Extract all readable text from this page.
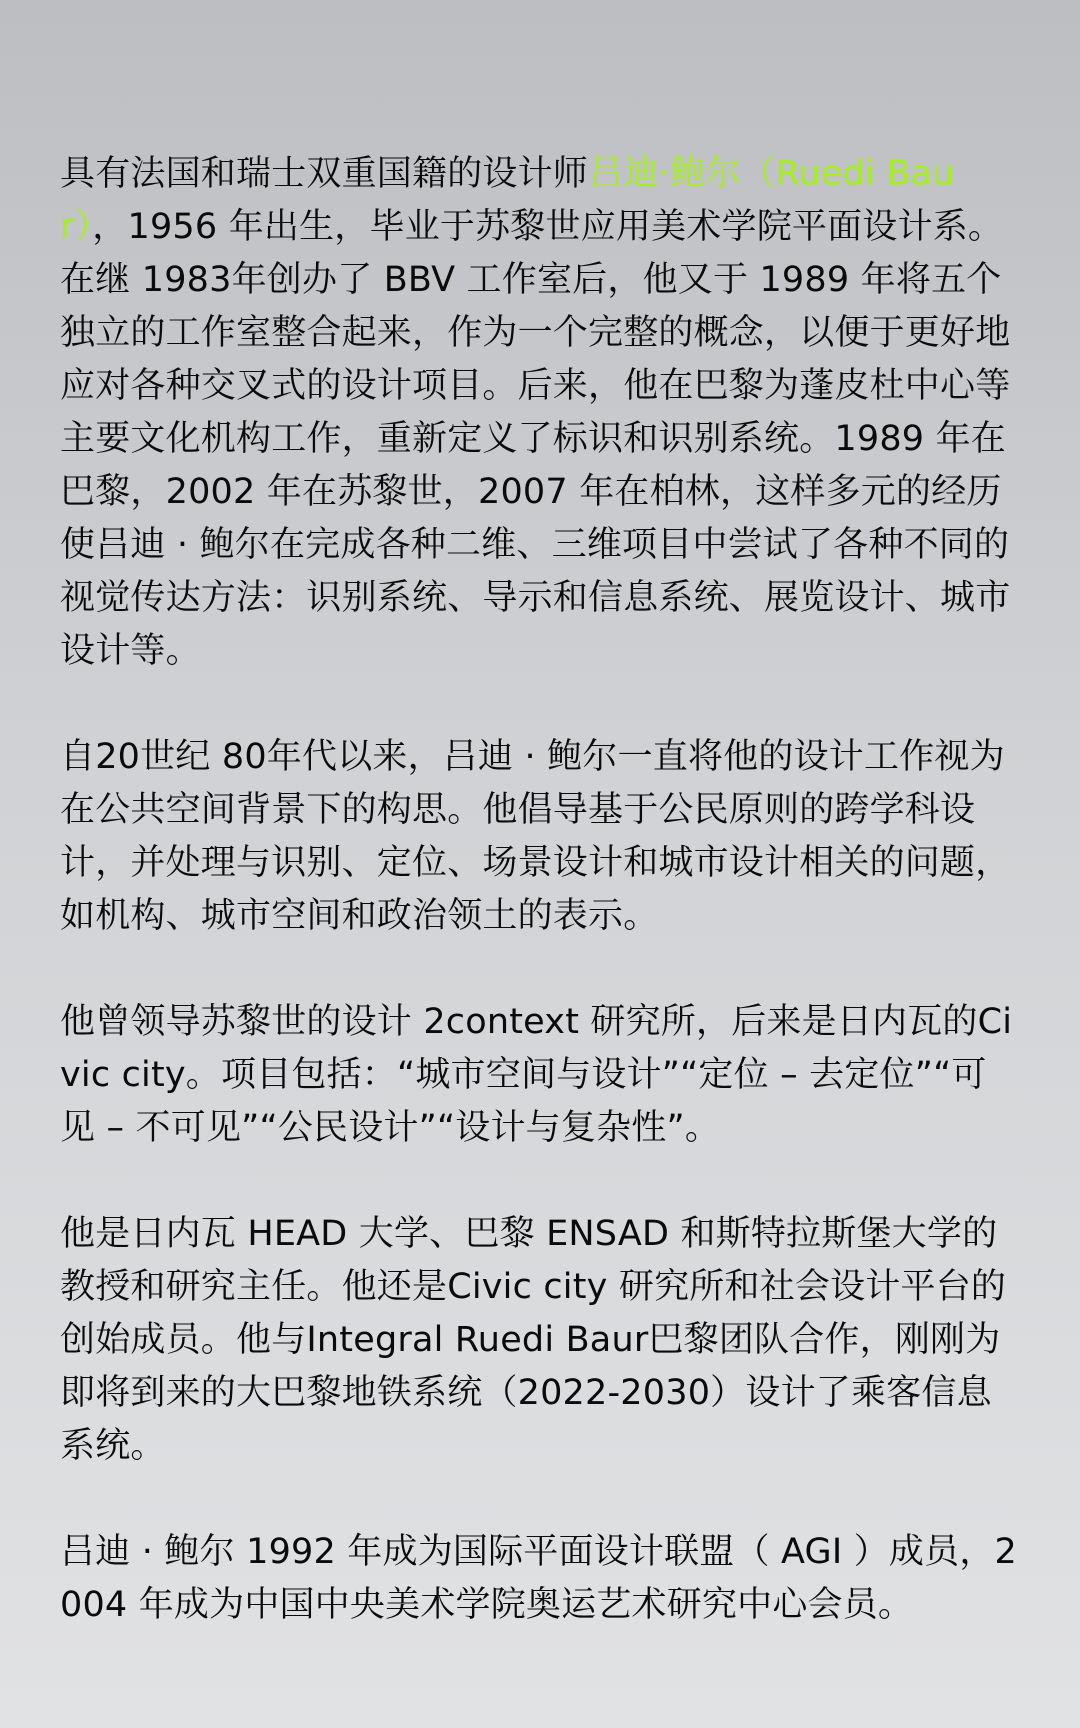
具有法国和瑞士双重国籍的设计师吕迪·鲍尔（Ruedi Baur），1956 年出生，毕业于苏黎世应用美术学院平面设计系。在继 1983年创办了 BBV 工作室后，他又于 1989 年将五个独立的工作室整合起来，作为一个完整的概念，以便于更好地应对各种交叉式的设计项目。后来，他在巴黎为蓬皮杜中心等主要文化机构工作，重新定义了标识和识别系统。1989 年在巴黎，2002 年在苏黎世，2007 年在柏林，这样多元的经历使吕迪 · 鲍尔在完成各种二维、三维项目中尝试了各种不同的视觉传达方法：识别系统、导示和信息系统、展览设计、城市设计等。

自20世纪 80年代以来，吕迪 · 鲍尔一直将他的设计工作视为在公共空间背景下的构思。他倡导基于公民原则的跨学科设计，并处理与识别、定位、场景设计和城市设计相关的问题，如机构、城市空间和政治领土的表示。

他曾领导苏黎世的设计 2context 研究所，后来是日内瓦的Civic city。项目包括：“城市空间与设计”“定位 – 去定位”“可见 – 不可见”“公民设计”“设计与复杂性”。

他是日内瓦 HEAD 大学、巴黎 ENSAD 和斯特拉斯堡大学的教授和研究主任。他还是Civic city 研究所和社会设计平台的创始成员。他与Integral Ruedi Baur巴黎团队合作，刚刚为即将到来的大巴黎地铁系统（2022-2030）设计了乘客信息系统。

吕迪 · 鲍尔 1992 年成为国际平面设计联盟（ AGI ）成员，2004 年成为中国中央美术学院奥运艺术研究中心会员。
